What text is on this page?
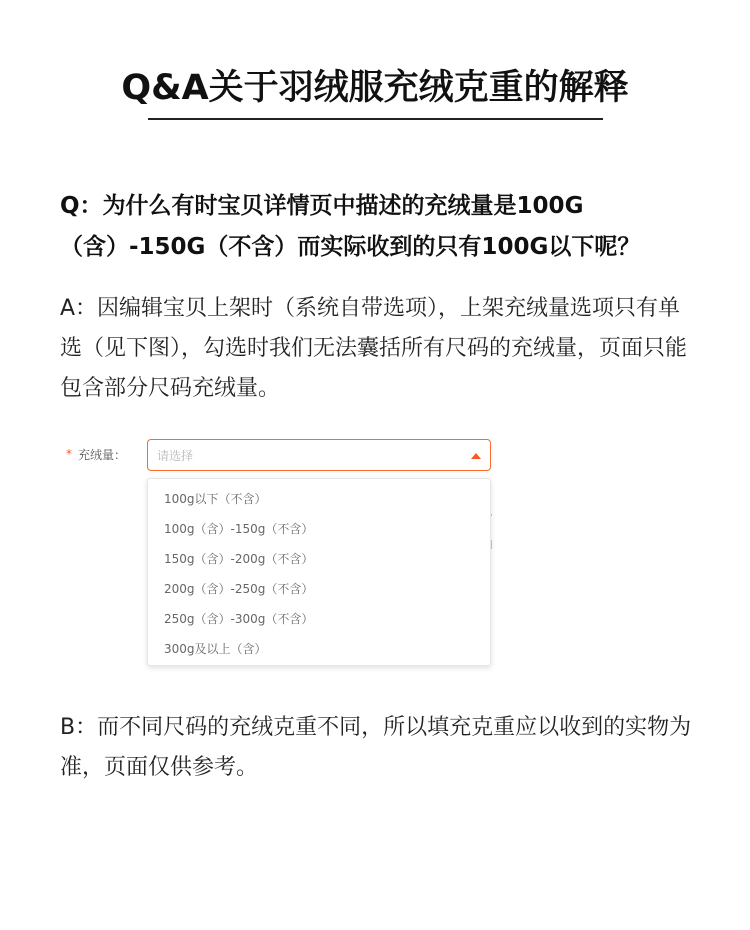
Q&A关于羽绒服充绒克重的解释
Q：为什么有时宝贝详情页中描述的充绒量是100G（含）-150G（不含）而实际收到的只有100G以下呢？
A：因编辑宝贝上架时（系统自带选项），上架充绒量选项只有单选（见下图），勾选时我们无法囊括所有尺码的充绒量，页面只能包含部分尺码充绒量。
* 充绒量：	请选择
100g以下（不含）
100g（含）-150g（不含）
150g（含）-200g（不含）
200g（含）-250g（不含）
250g（含）-300g（不含）
300g及以上（含）
B：而不同尺码的充绒克重不同，所以填充克重应以收到的实物为准，页面仅供参考。
